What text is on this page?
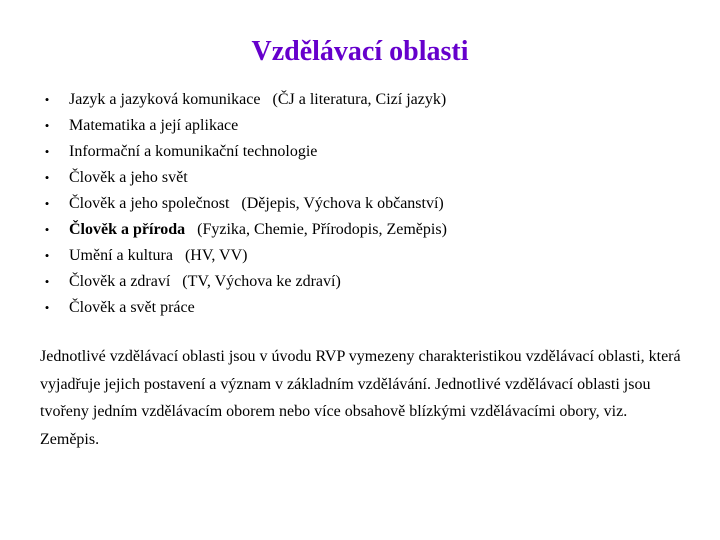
Vzdělávací oblasti
• Jazyk a jazyková komunikace (ČJ a literatura, Cizí jazyk)
• Matematika a její aplikace
• Informační a komunikační technologie
• Člověk a jeho svět
• Člověk a jeho společnost (Dějepis, Výchova k občanství)
• Člověk a příroda (Fyzika, Chemie, Přírodopis, Zeměpis)
• Umění a kultura (HV, VV)
• Člověk a zdraví (TV, Výchova ke zdraví)
• Člověk a svět práce

Jednotlivé vzdělávací oblasti jsou v úvodu RVP vymezeny charakteristikou vzdělávací oblasti, která vyjadřuje jejich postavení a význam v základním vzdělávání. Jednotlivé vzdělávací oblasti jsou tvořeny jedním vzdělávacím oborem nebo více obsahově blízkými vzdělávacími obory, viz. Zeměpis.
